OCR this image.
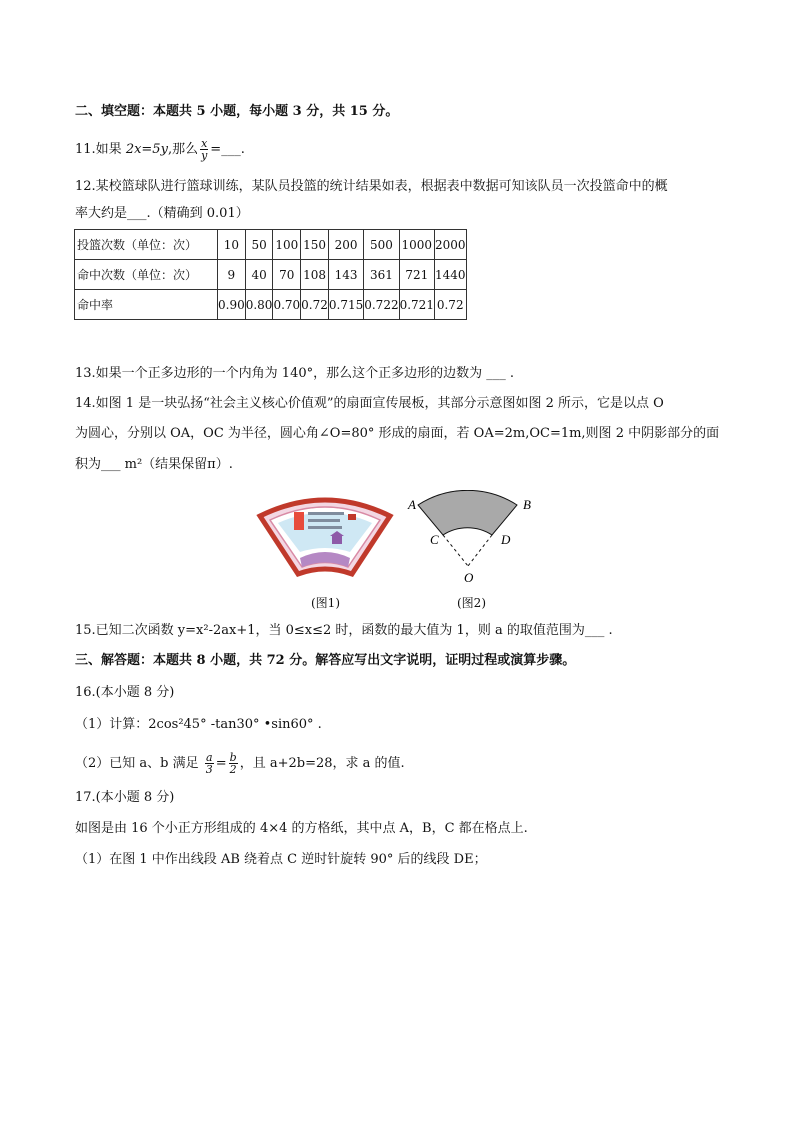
二、填空题：本题共 5 小题，每小题 3 分，共 15 分。
11.如果 2x=5y,那么 $\frac{x}{y}$ =___.
12.某校篮球队进行篮球训练，某队员投篮的统计结果如表，根据表中数据可知该队员一次投篮命中的概
率大约是___.（精确到 0.01）
投篮次数（单位：次）	10	50	100	150	200	500	1000	2000
命中次数（单位：次）	9	40	70	108	143	361	721	1440
命中率	0.90	0.80	0.70	0.72	0.715	0.722	0.721	0.72
13.如果一个正多边形的一个内角为 140°，那么这个正多边形的边数为 ___ .
14.如图 1 是一块弘扬“社会主义核心价值观”的扇面宣传展板，其部分示意图如图 2 所示，它是以点 O
为圆心，分别以 OA，OC 为半径，圆心角∠O=80° 形成的扇面，若 OA=2m,OC=1m,则图 2 中阴影部分的面
积为___ m²（结果保留π）.
(图1)
A	B
C	D
O
(图2)
15.已知二次函数 y=x²-2ax+1，当 0≤x≤2 时，函数的最大值为 1，则 a 的取值范围为___ .
三、解答题：本题共 8 小题，共 72 分。解答应写出文字说明，证明过程或演算步骤。
16.(本小题 8 分)
（1）计算：2cos²45° -tan30° •sin60° .
（2）已知 a、b 满足 $\frac{a}{3} = \frac{b}{2}$ ，且 a+2b=28，求 a 的值.
17.(本小题 8 分)
如图是由 16 个小正方形组成的 4×4 的方格纸，其中点 A，B，C 都在格点上.
（1）在图 1 中作出线段 AB 绕着点 C 逆时针旋转 90° 后的线段 DE；
